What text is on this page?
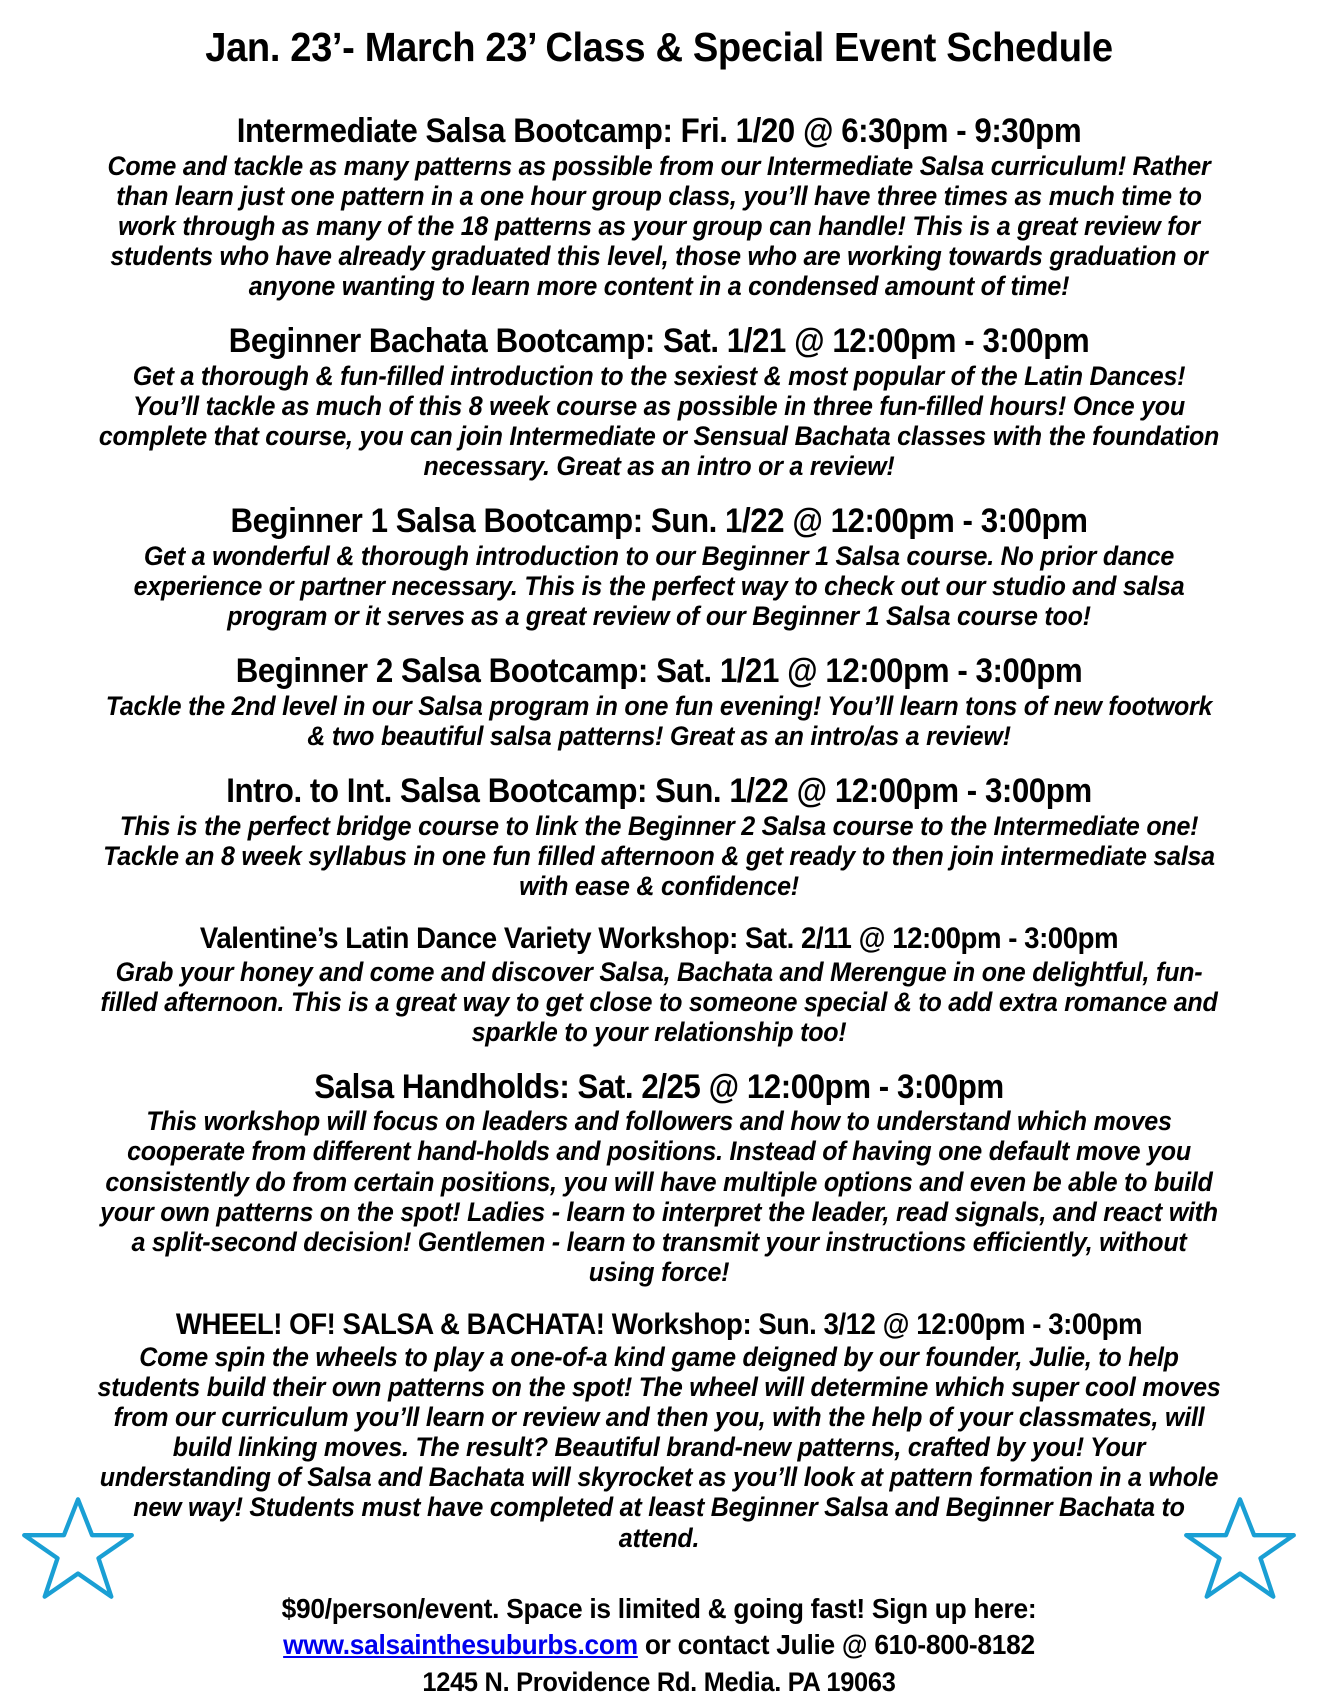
Jan. 23’- March 23’ Class & Special Event Schedule
Intermediate Salsa Bootcamp: Fri. 1/20 @ 6:30pm - 9:30pm
Come and tackle as many patterns as possible from our Intermediate Salsa curriculum! Rather than learn just one pattern in a one hour group class, you’ll have three times as much time to work through as many of the 18 patterns as your group can handle! This is a great review for students who have already graduated this level, those who are working towards graduation or anyone wanting to learn more content in a condensed amount of time!
Beginner Bachata Bootcamp: Sat. 1/21 @ 12:00pm - 3:00pm
Get a thorough & fun-filled introduction to the sexiest & most popular of the Latin Dances! You’ll tackle as much of this 8 week course as possible in three fun-filled hours! Once you complete that course, you can join Intermediate or Sensual Bachata classes with the foundation necessary. Great as an intro or a review!
Beginner 1 Salsa Bootcamp: Sun. 1/22 @ 12:00pm - 3:00pm
Get a wonderful & thorough introduction to our Beginner 1 Salsa course. No prior dance experience or partner necessary. This is the perfect way to check out our studio and salsa program or it serves as a great review of our Beginner 1 Salsa course too!
Beginner 2 Salsa Bootcamp: Sat. 1/21 @ 12:00pm - 3:00pm
Tackle the 2nd level in our Salsa program in one fun evening! You’ll learn tons of new footwork & two beautiful salsa patterns! Great as an intro/as a review!
Intro. to Int. Salsa Bootcamp: Sun. 1/22 @ 12:00pm - 3:00pm
This is the perfect bridge course to link the Beginner 2 Salsa course to the Intermediate one! Tackle an 8 week syllabus in one fun filled afternoon & get ready to then join intermediate salsa with ease & confidence!
Valentine’s Latin Dance Variety Workshop: Sat. 2/11 @ 12:00pm - 3:00pm
Grab your honey and come and discover Salsa, Bachata and Merengue in one delightful, fun-filled afternoon. This is a great way to get close to someone special & to add extra romance and sparkle to your relationship too!
Salsa Handholds: Sat. 2/25 @ 12:00pm - 3:00pm
This workshop will focus on leaders and followers and how to understand which moves cooperate from different hand-holds and positions. Instead of having one default move you consistently do from certain positions, you will have multiple options and even be able to build your own patterns on the spot! Ladies - learn to interpret the leader, read signals, and react with a split-second decision! Gentlemen - learn to transmit your instructions efficiently, without using force!
WHEEL! OF! SALSA & BACHATA! Workshop: Sun. 3/12 @ 12:00pm - 3:00pm
Come spin the wheels to play a one-of-a kind game deigned by our founder, Julie, to help students build their own patterns on the spot! The wheel will determine which super cool moves from our curriculum you’ll learn or review and then you, with the help of your classmates, will build linking moves. The result? Beautiful brand-new patterns, crafted by you! Your understanding of Salsa and Bachata will skyrocket as you’ll look at pattern formation in a whole new way! Students must have completed at least Beginner Salsa and Beginner Bachata to attend.
$90/person/event. Space is limited & going fast! Sign up here:
www.salsainthesuburbs.com or contact Julie @ 610-800-8182
1245 N. Providence Rd. Media. PA 19063
